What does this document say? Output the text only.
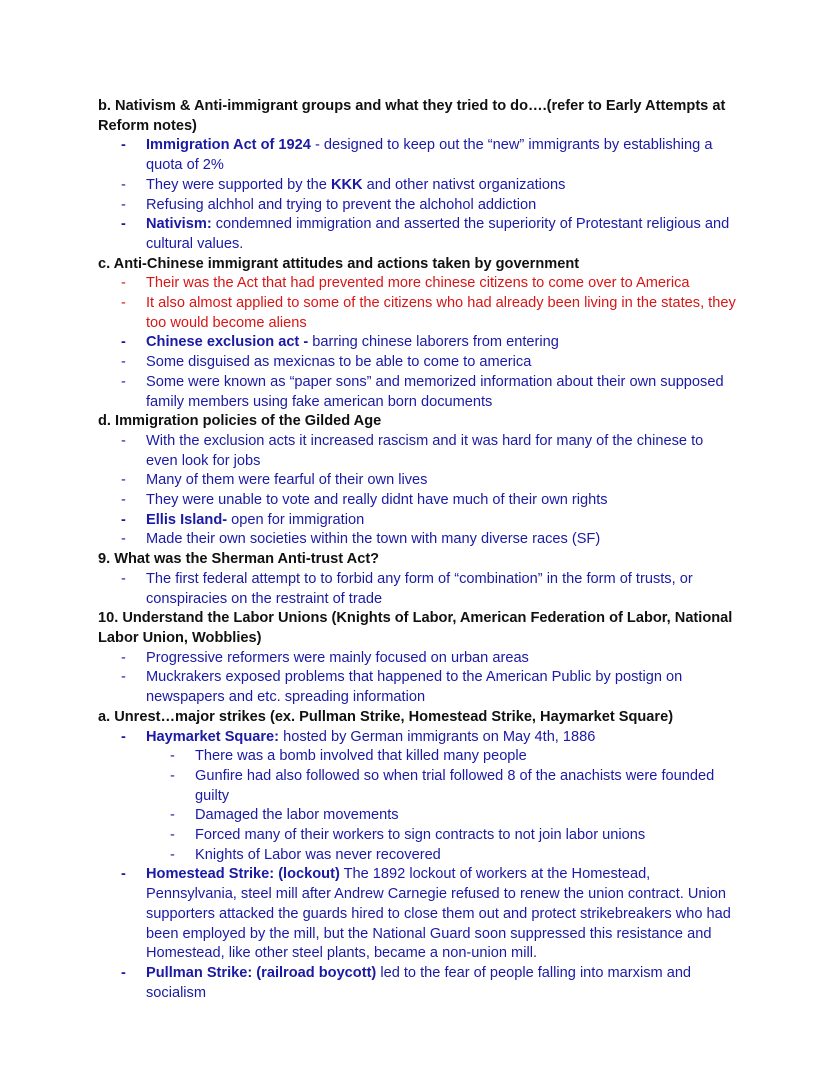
b. Nativism & Anti-immigrant groups and what they tried to do….(refer to Early Attempts at Reform notes)
- Immigration Act of 1924 - designed to keep out the “new” immigrants by establishing a quota of 2%
- They were supported by the KKK and other nativst organizations
- Refusing alchhol and trying to prevent the alchohol addiction
- Nativism: condemned immigration and asserted the superiority of Protestant religious and cultural values.
c. Anti-Chinese immigrant attitudes and actions taken by government
- Their was the Act that had prevented more chinese citizens to come over to America
- It also almost applied to some of the citizens who had already been living in the states, they too would become aliens
- Chinese exclusion act - barring chinese laborers from entering
- Some disguised as mexicnas to be able to come to america
- Some were known as “paper sons” and memorized information about their own supposed family members using fake american born documents
d. Immigration policies of the Gilded Age
- With the exclusion acts it increased rascism and it was hard for many of the chinese to even look for jobs
- Many of them were fearful of their own lives
- They were unable to vote and really didnt have much of their own rights
- Ellis Island- open for immigration
- Made their own societies within the town with many diverse races (SF)
9. What was the Sherman Anti-trust Act?
- The first federal attempt to to forbid any form of “combination” in the form of trusts, or conspiracies on the restraint of trade
10. Understand the Labor Unions (Knights of Labor, American Federation of Labor, National Labor Union, Wobblies)
- Progressive reformers were mainly focused on urban areas
- Muckrakers exposed problems that happened to the American Public by postign on newspapers and etc. spreading information
a. Unrest…major strikes (ex. Pullman Strike, Homestead Strike, Haymarket Square)
- Haymarket Square: hosted by German immigrants on May 4th, 1886
- There was a bomb involved that killed many people
- Gunfire had also followed so when trial followed 8 of the anachists were founded guilty
- Damaged the labor movements
- Forced many of their workers to sign contracts to not join labor unions
- Knights of Labor was never recovered
- Homestead Strike: (lockout) The 1892 lockout of workers at the Homestead, Pennsylvania, steel mill after Andrew Carnegie refused to renew the union contract. Union supporters attacked the guards hired to close them out and protect strikebreakers who had been employed by the mill, but the National Guard soon suppressed this resistance and Homestead, like other steel plants, became a non-union mill.
- Pullman Strike: (railroad boycott) led to the fear of people falling into marxism and socialism
